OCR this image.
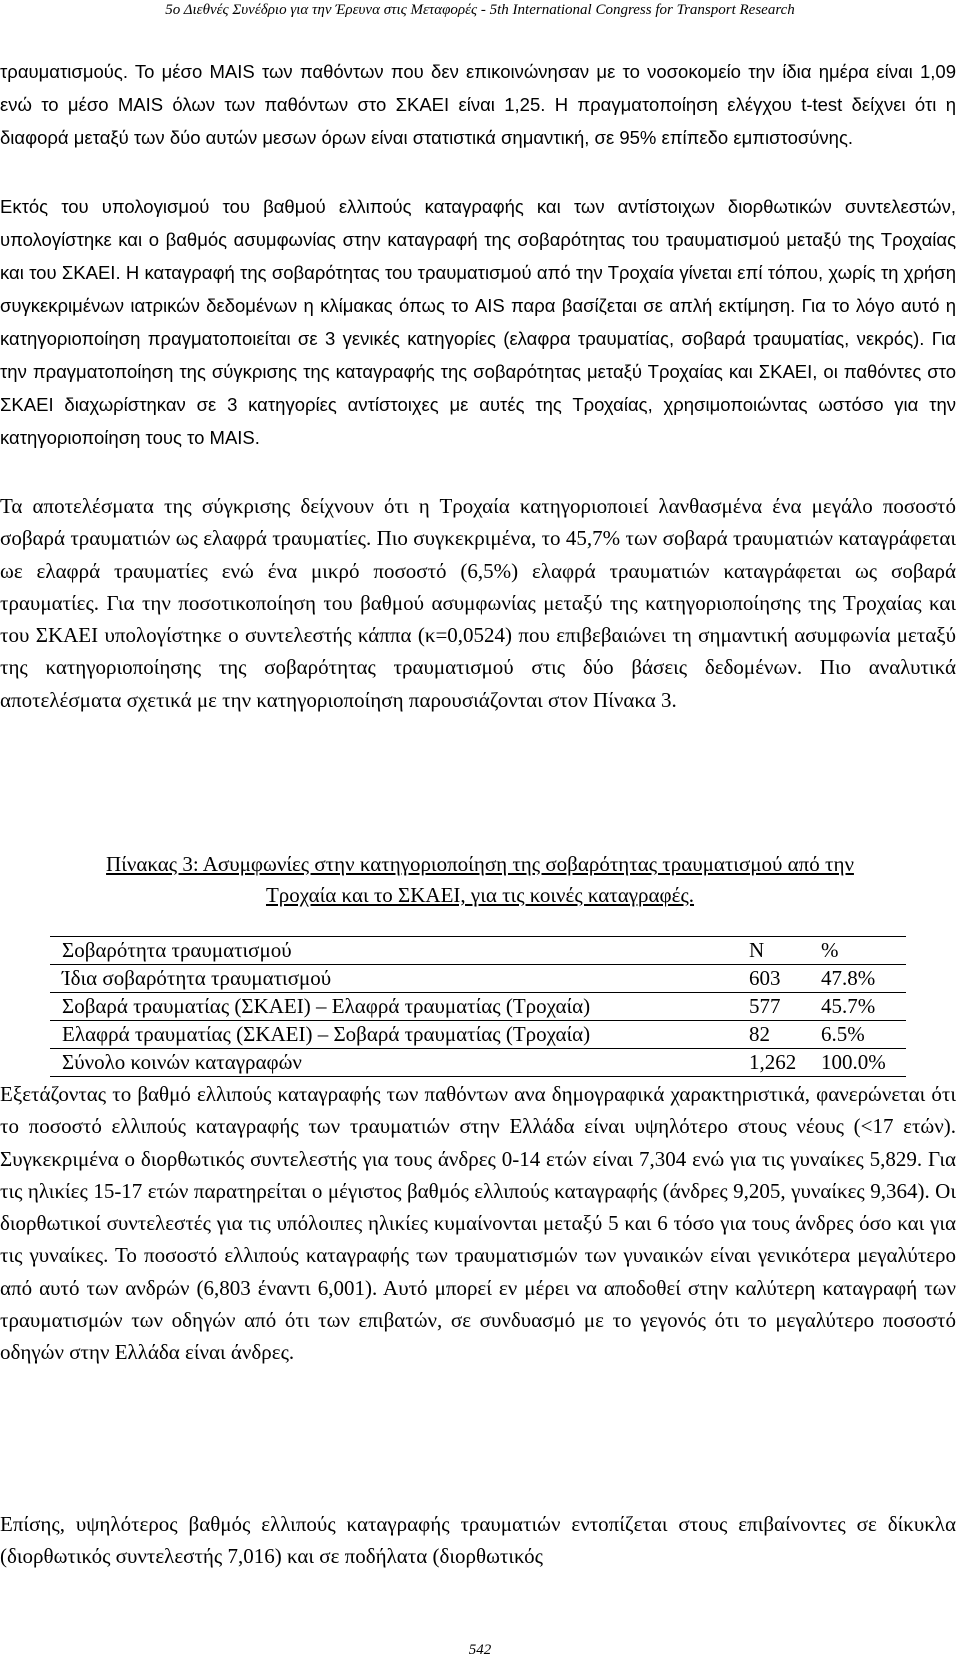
5ο Διεθνές Συνέδριο για την Έρευνα στις Μεταφορές - 5th International Congress for Transport Research

τραυματισμούς. Το μέσο MAIS των παθόντων που δεν επικοινώνησαν με το νοσοκομείο την ίδια ημέρα είναι 1,09 ενώ το μέσο MAIS όλων των παθόντων στο ΣΚΑΕΙ είναι 1,25. Η πραγματοποίηση ελέγχου t-test δείχνει ότι η διαφορά μεταξύ των δύο αυτών μεσων όρων είναι στατιστικά σημαντική, σε 95% επίπεδο εμπιστοσύνης.

Εκτός του υπολογισμού του βαθμού ελλιπούς καταγραφής και των αντίστοιχων διορθωτικών συντελεστών, υπολογίστηκε και ο βαθμός ασυμφωνίας στην καταγραφή της σοβαρότητας του τραυματισμού μεταξύ της Τροχαίας και του ΣΚΑΕΙ. Η καταγραφή της σοβαρότητας του τραυματισμού από την Τροχαία γίνεται επί τόπου, χωρίς τη χρήση συγκεκριμένων ιατρικών δεδομένων η κλίμακας όπως το AIS παρα βασίζεται σε απλή εκτίμηση. Για το λόγο αυτό η κατηγοριοποίηση πραγματοποιείται σε 3 γενικές κατηγορίες (ελαφρα τραυματίας, σοβαρά τραυματίας, νεκρός). Για την πραγματοποίηση της σύγκρισης της καταγραφής της σοβαρότητας μεταξύ Τροχαίας και ΣΚΑΕΙ, οι παθόντες στο ΣΚΑΕΙ διαχωρίστηκαν σε 3 κατηγορίες αντίστοιχες με αυτές της Τροχαίας, χρησιμοποιώντας ωστόσο για την κατηγοριοποίηση τους το MAIS.

Τα αποτελέσματα της σύγκρισης δείχνουν ότι η Τροχαία κατηγοριοποιεί λανθασμένα ένα μεγάλο ποσοστό σοβαρά τραυματιών ως ελαφρά τραυματίες. Πιο συγκεκριμένα, το 45,7% των σοβαρά τραυματιών καταγράφεται ωε ελαφρά τραυματίες ενώ ένα μικρό ποσοστό (6,5%) ελαφρά τραυματιών καταγράφεται ως σοβαρά τραυματίες. Για την ποσοτικοποίηση του βαθμού ασυμφωνίας μεταξύ της κατηγοριοποίησης της Τροχαίας και του ΣΚΑΕΙ υπολογίστηκε ο συντελεστής κάππα (κ=0,0524) που επιβεβαιώνει τη σημαντική ασυμφωνία μεταξύ της κατηγοριοποίησης της σοβαρότητας τραυματισμού στις δύο βάσεις δεδομένων. Πιο αναλυτικά αποτελέσματα σχετικά με την κατηγοριοποίηση παρουσιάζονται στον Πίνακα 3.

Πίνακας 3: Ασυμφωνίες στην κατηγοριοποίηση της σοβαρότητας τραυματισμού από την
Τροχαία και το ΣΚΑΕΙ, για τις κοινές καταγραφές.
Σοβαρότητα τραυματισμού	N	%
Ίδια σοβαρότητα τραυματισμού	603	47.8%
Σοβαρά τραυματίας (ΣΚΑΕΙ) – Ελαφρά τραυματίας (Τροχαία)	577	45.7%
Ελαφρά τραυματίας (ΣΚΑΕΙ) – Σοβαρά τραυματίας (Τροχαία)	82	6.5%
Σύνολο κοινών καταγραφών	1,262	100.0%

Εξετάζοντας το βαθμό ελλιπούς καταγραφής των παθόντων ανα δημογραφικά χαρακτηριστικά, φανερώνεται ότι το ποσοστό ελλιπούς καταγραφής των τραυματιών στην Ελλάδα είναι υψηλότερο στους νέους (<17 ετών). Συγκεκριμένα ο διορθωτικός συντελεστής για τους άνδρες 0-14 ετών είναι 7,304 ενώ για τις γυναίκες 5,829. Για τις ηλικίες 15-17 ετών παρατηρείται ο μέγιστος βαθμός ελλιπούς καταγραφής (άνδρες 9,205, γυναίκες 9,364). Οι διορθωτικοί συντελεστές για τις υπόλοιπες ηλικίες κυμαίνονται μεταξύ 5 και 6 τόσο για τους άνδρες όσο και για τις γυναίκες. Το ποσοστό ελλιπούς καταγραφής των τραυματισμών των γυναικών είναι γενικότερα μεγαλύτερο από αυτό των ανδρών (6,803 έναντι 6,001). Αυτό μπορεί εν μέρει να αποδοθεί στην καλύτερη καταγραφή των τραυματισμών των οδηγών από ότι των επιβατών, σε συνδυασμό με το γεγονός ότι το μεγαλύτερο ποσοστό οδηγών στην Ελλάδα είναι άνδρες.

Επίσης, υψηλότερος βαθμός ελλιπούς καταγραφής τραυματιών εντοπίζεται στους επιβαίνοντες σε δίκυκλα (διορθωτικός συντελεστής 7,016) και σε ποδήλατα (διορθωτικός

542
